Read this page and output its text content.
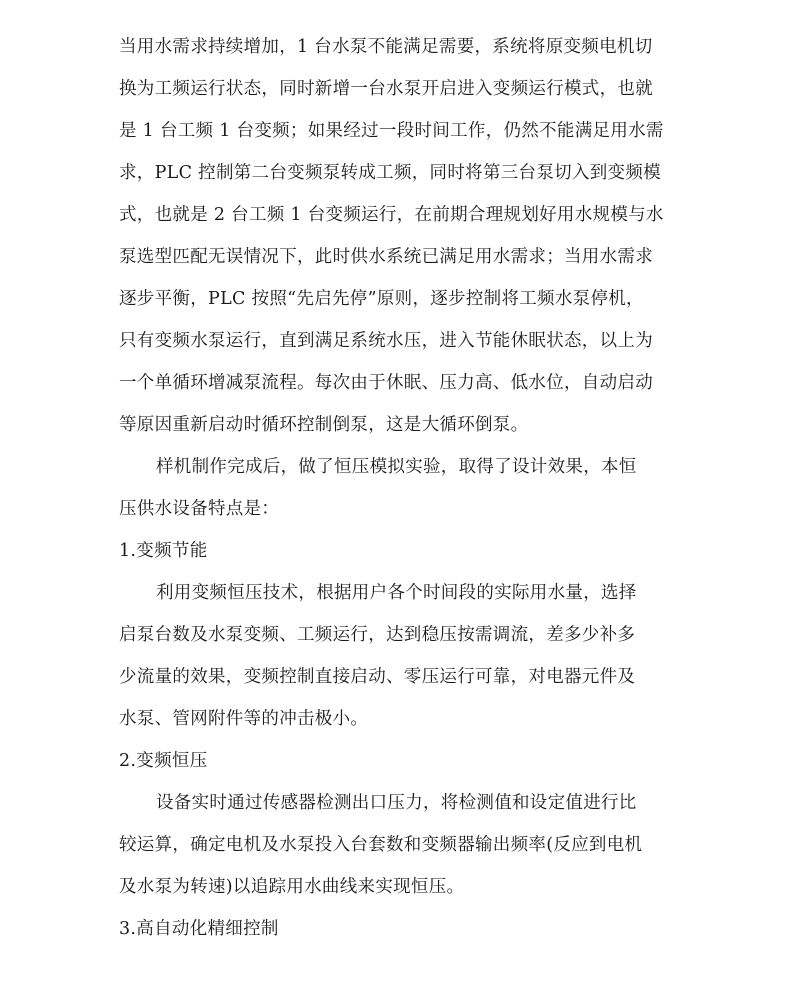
当用水需求持续增加，1 台水泵不能满足需要，系统将原变频电机切
换为工频运行状态，同时新增一台水泵开启进入变频运行模式，也就
是 1 台工频 1 台变频；如果经过一段时间工作，仍然不能满足用水需
求，PLC 控制第二台变频泵转成工频，同时将第三台泵切入到变频模
式，也就是 2 台工频 1 台变频运行，在前期合理规划好用水规模与水
泵选型匹配无误情况下，此时供水系统已满足用水需求；当用水需求
逐步平衡，PLC 按照“先启先停”原则，逐步控制将工频水泵停机，
只有变频水泵运行，直到满足系统水压，进入节能休眠状态，以上为
一个单循环增减泵流程。每次由于休眠、压力高、低水位，自动启动
等原因重新启动时循环控制倒泵，这是大循环倒泵。
样机制作完成后，做了恒压模拟实验，取得了设计效果，本恒
压供水设备特点是：
1.变频节能
利用变频恒压技术，根据用户各个时间段的实际用水量，选择
启泵台数及水泵变频、工频运行，达到稳压按需调流，差多少补多
少流量的效果，变频控制直接启动、零压运行可靠，对电器元件及
水泵、管网附件等的冲击极小。
2.变频恒压
设备实时通过传感器检测出口压力，将检测值和设定值进行比
较运算，确定电机及水泵投入台套数和变频器输出频率(反应到电机
及水泵为转速)以追踪用水曲线来实现恒压。
3.高自动化精细控制
